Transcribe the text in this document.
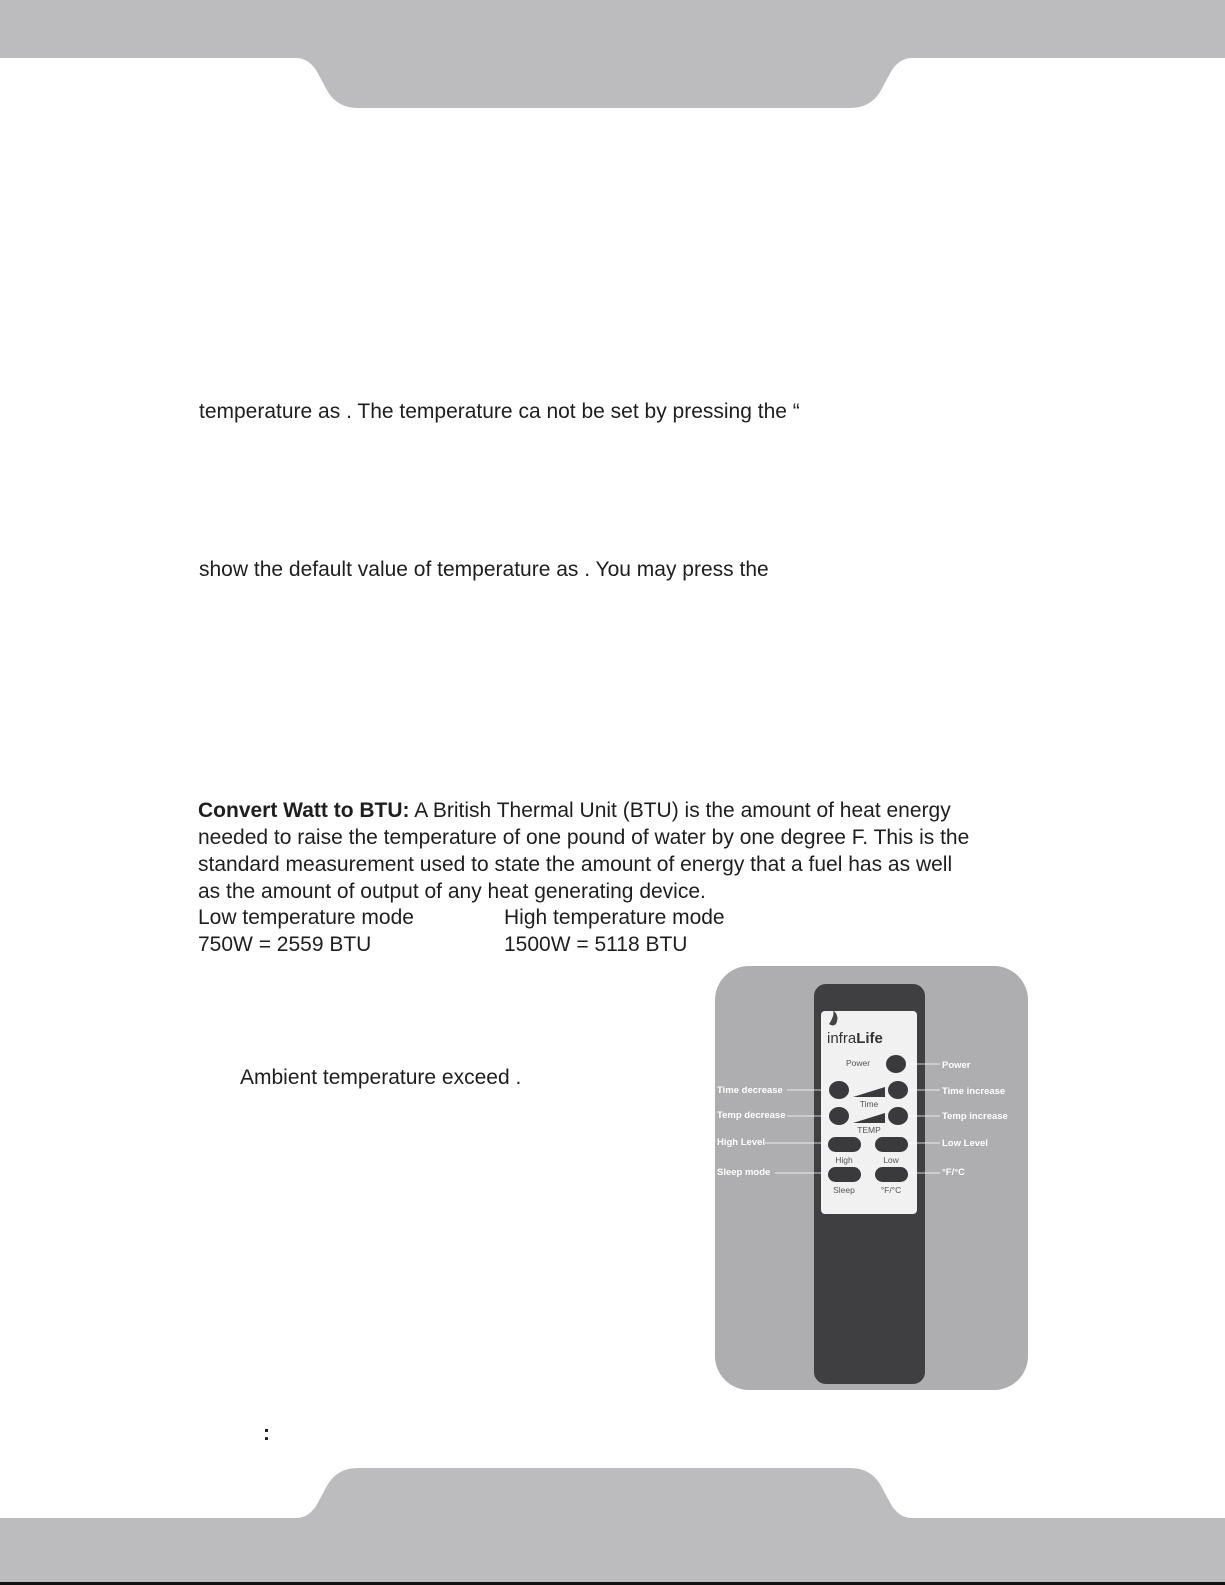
temperature as . The temperature ca not be set by pressing the “
show the default value of temperature as . You may press the
Convert Watt to BTU: A British Thermal Unit (BTU) is the amount of heat energy needed to raise the temperature of one pound of water by one degree F. This is the standard measurement used to state the amount of energy that a fuel has as well as the amount of output of any heat generating device.
Low temperature mode	High temperature mode
750W = 2559 BTU	1500W = 5118 BTU
Ambient temperature exceed .
:
infraLife
Power
Time
TEMP
High	Low
Sleep	°F/°C
Power
Time decrease	Time increase
Temp decrease	Temp increase
High Level	Low Level
Sleep mode	°F/°C
